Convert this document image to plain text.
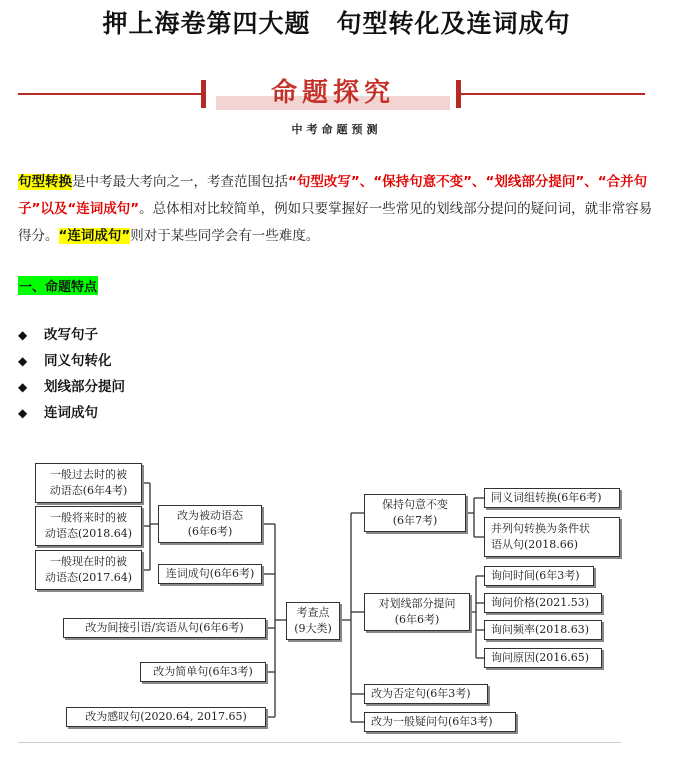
押上海卷第四大题　句型转化及连词成句
命题探究
中考命题预测
句型转换是中考最大考向之一，考查范围包括“句型改写”、“保持句意不变”、“划线部分提问”、“合并句子”以及“连词成句”。总体相对比较简单，例如只要掌握好一些常见的划线部分提问的疑问词，就非常容易得分。“连词成句”则对于某些同学会有一些难度。
一、命题特点
◆ 改写句子
◆ 同义句转化
◆ 划线部分提问
◆ 连词成句
一般过去时的被
动语态(6年4考)
一般将来时的被
动语态(2018.64)
一般现在时的被
动语态(2017.64)
改为被动语态
(6年6考)
连词成句(6年6考)
改为间接引语/宾语从句(6年6考)
改为简单句(6年3考)
改为感叹句(2020.64, 2017.65)
考查点
(9大类)
保持句意不变
(6年7考)
对划线部分提问
(6年6考)
改为否定句(6年3考)
改为一般疑问句(6年3考)
同义词组转换(6年6考)
并列句转换为条件状
语从句(2018.66)
询问时间(6年3考)
询问价格(2021.53)
询问频率(2018.63)
询问原因(2016.65)
